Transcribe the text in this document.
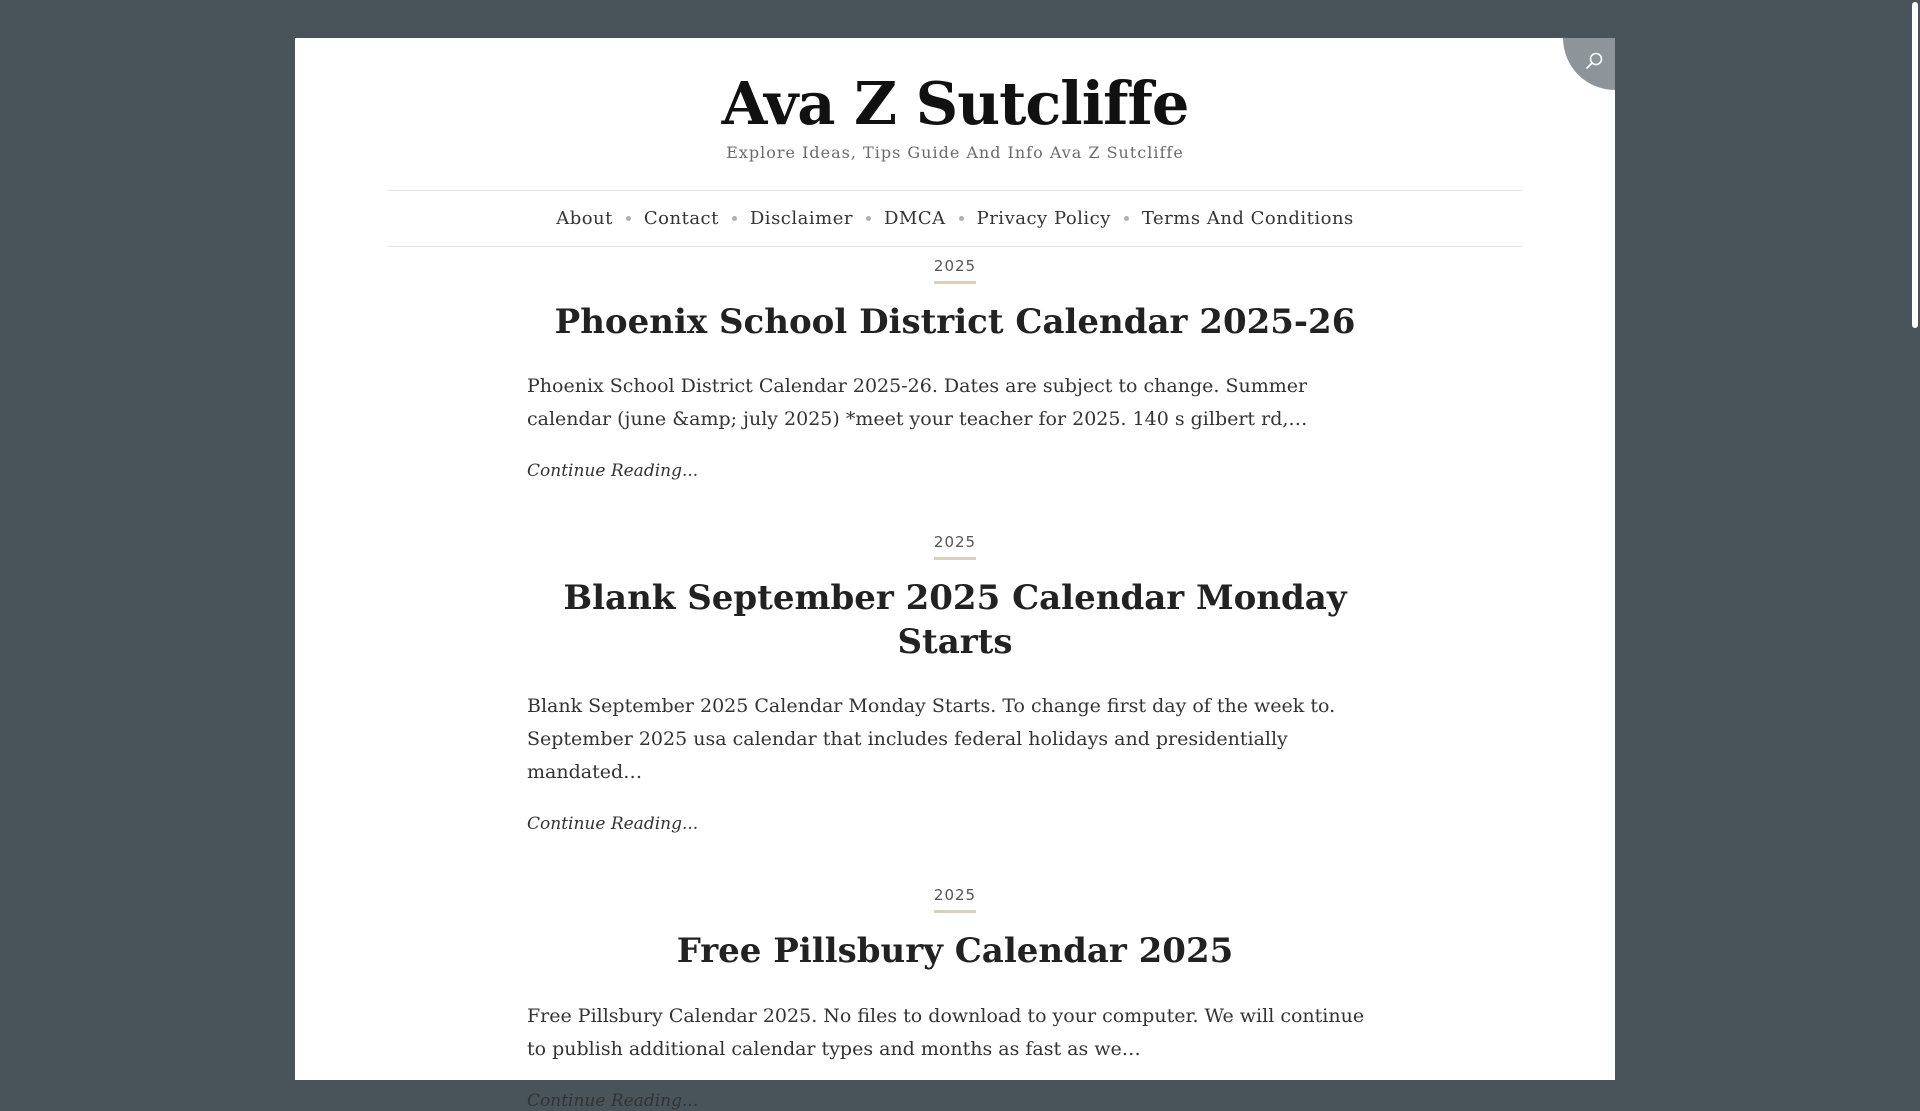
Ava Z Sutcliffe
Explore Ideas, Tips Guide And Info Ava Z Sutcliffe
About Contact Disclaimer DMCA Privacy Policy Terms And Conditions
2025
Phoenix School District Calendar 2025-26

Phoenix School District Calendar 2025-26. Dates are subject to change. Summer calendar (june &amp; july 2025) *meet your teacher for 2025. 140 s gilbert rd,…

Continue Reading...
2025
Blank September 2025 Calendar Monday Starts

Blank September 2025 Calendar Monday Starts. To change first day of the week to. September 2025 usa calendar that includes federal holidays and presidentially mandated…

Continue Reading...
2025
Free Pillsbury Calendar 2025

Free Pillsbury Calendar 2025. No files to download to your computer. We will continue to publish additional calendar types and months as fast as we…

Continue Reading...
